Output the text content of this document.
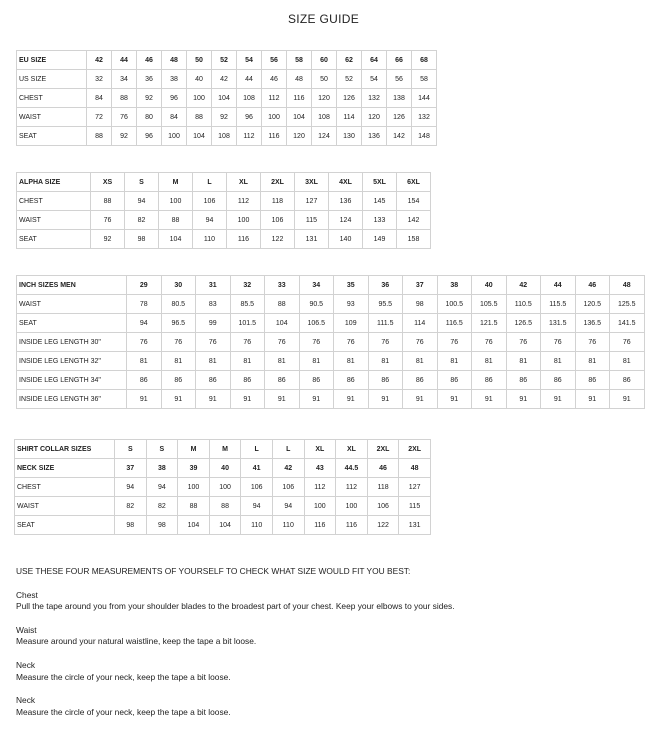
SIZE GUIDE
EU SIZE	42	44	46	48	50	52	54	56	58	60	62	64	66	68
US SIZE	32	34	36	38	40	42	44	46	48	50	52	54	56	58
CHEST	84	88	92	96	100	104	108	112	116	120	126	132	138	144
WAIST	72	76	80	84	88	92	96	100	104	108	114	120	126	132
SEAT	88	92	96	100	104	108	112	116	120	124	130	136	142	148
ALPHA SIZE	XS	S	M	L	XL	2XL	3XL	4XL	5XL	6XL
CHEST	88	94	100	106	112	118	127	136	145	154
WAIST	76	82	88	94	100	106	115	124	133	142
SEAT	92	98	104	110	116	122	131	140	149	158
INCH SIZES MEN	29	30	31	32	33	34	35	36	37	38	40	42	44	46	48
WAIST	78	80.5	83	85.5	88	90.5	93	95.5	98	100.5	105.5	110.5	115.5	120.5	125.5
SEAT	94	96.5	99	101.5	104	106.5	109	111.5	114	116.5	121.5	126.5	131.5	136.5	141.5
INSIDE LEG LENGTH 30"	76	76	76	76	76	76	76	76	76	76	76	76	76	76	76
INSIDE LEG LENGTH 32"	81	81	81	81	81	81	81	81	81	81	81	81	81	81	81
INSIDE LEG LENGTH 34"	86	86	86	86	86	86	86	86	86	86	86	86	86	86	86
INSIDE LEG LENGTH 36"	91	91	91	91	91	91	91	91	91	91	91	91	91	91	91
SHIRT COLLAR SIZES	S	S	M	M	L	L	XL	XL	2XL	2XL
NECK SIZE	37	38	39	40	41	42	43	44.5	46	48
CHEST	94	94	100	100	106	106	112	112	118	127
WAIST	82	82	88	88	94	94	100	100	106	115
SEAT	98	98	104	104	110	110	116	116	122	131

USE THESE FOUR MEASUREMENTS OF YOURSELF TO CHECK WHAT SIZE WOULD FIT YOU BEST:

Chest

Pull the tape around you from your shoulder blades to the broadest part of your chest. Keep your elbows to your sides.

Waist

Measure around your natural waistline, keep the tape a bit loose.

Neck

Measure the circle of your neck, keep the tape a bit loose.

Neck

Measure the circle of your neck, keep the tape a bit loose.
